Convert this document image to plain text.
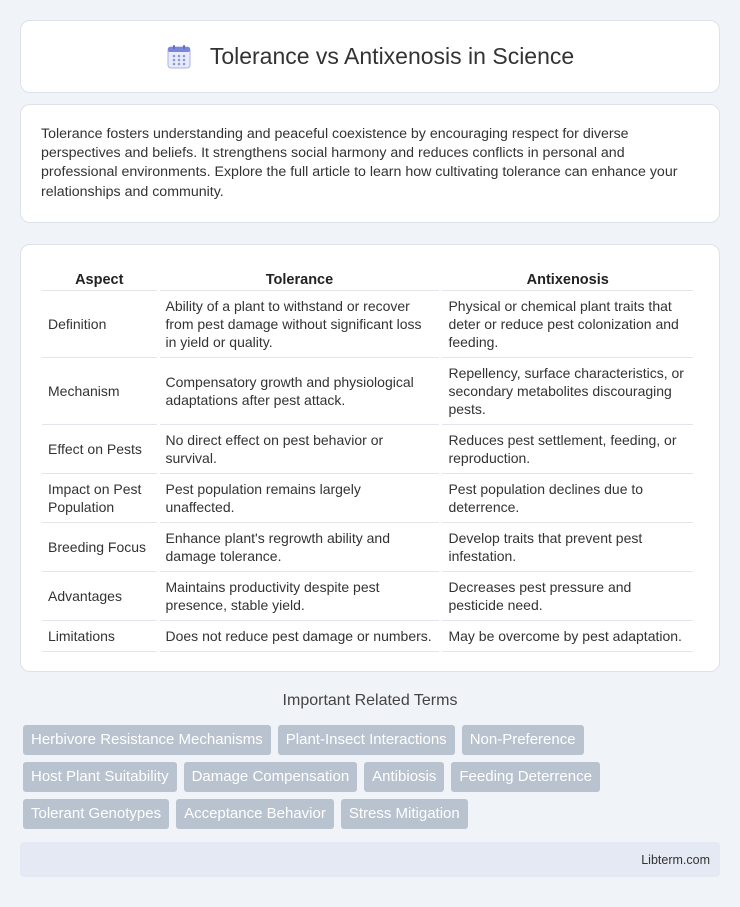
Tolerance vs Antixenosis in Science

Tolerance fosters understanding and peaceful coexistence by encouraging respect for diverse perspectives and beliefs. It strengthens social harmony and reduces conflicts in personal and professional environments. Explore the full article to learn how cultivating tolerance can enhance your relationships and community.

Aspect	Tolerance	Antixenosis
Definition	Ability of a plant to withstand or recover from pest damage without significant loss in yield or quality.	Physical or chemical plant traits that deter or reduce pest colonization and feeding.
Mechanism	Compensatory growth and physiological adaptations after pest attack.	Repellency, surface characteristics, or secondary metabolites discouraging pests.
Effect on Pests	No direct effect on pest behavior or survival.	Reduces pest settlement, feeding, or reproduction.
Impact on Pest Population	Pest population remains largely unaffected.	Pest population declines due to deterrence.
Breeding Focus	Enhance plant's regrowth ability and damage tolerance.	Develop traits that prevent pest infestation.
Advantages	Maintains productivity despite pest presence, stable yield.	Decreases pest pressure and pesticide need.
Limitations	Does not reduce pest damage or numbers.	May be overcome by pest adaptation.
Important Related Terms
Herbivore Resistance Mechanisms	Plant-Insect Interactions	Non-Preference
Host Plant Suitability	Damage Compensation	Antibiosis	Feeding Deterrence
Tolerant Genotypes	Acceptance Behavior	Stress Mitigation
Libterm.com
